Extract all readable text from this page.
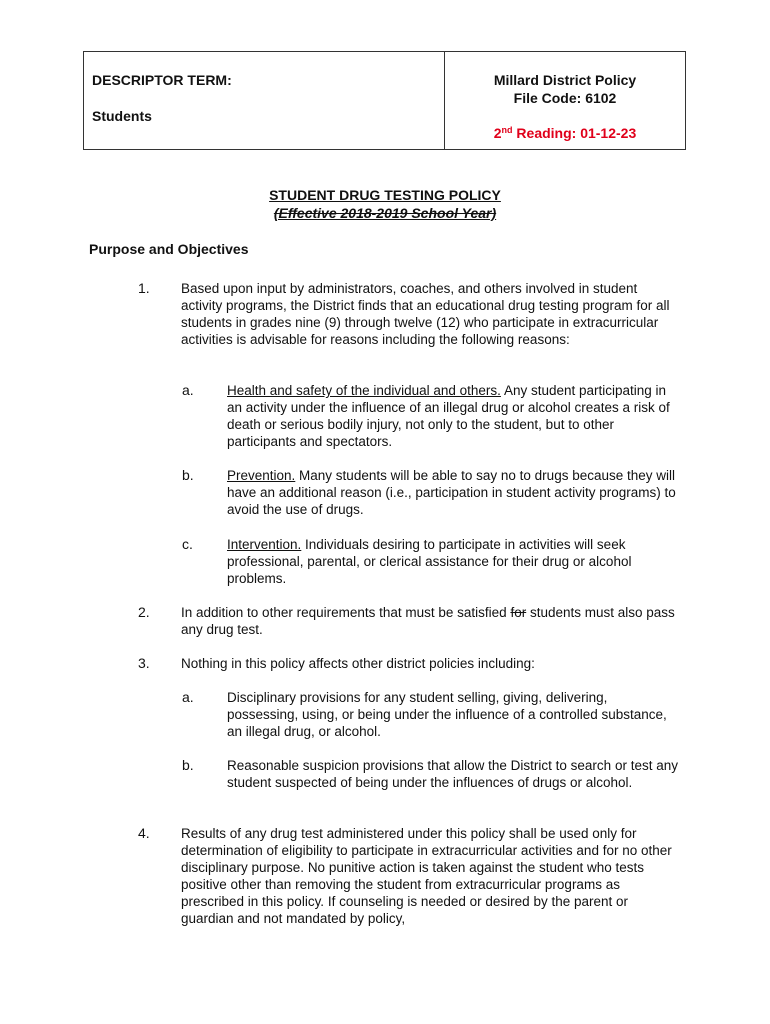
DESCRIPTOR TERM:
Students
Millard District Policy
File Code: 6102
2nd Reading: 01-12-23
STUDENT DRUG TESTING POLICY
(Effective 2018-2019 School Year)
Purpose and Objectives
1. Based upon input by administrators, coaches, and others involved in student activity programs, the District finds that an educational drug testing program for all students in grades nine (9) through twelve (12) who participate in extracurricular activities is advisable for reasons including the following reasons:

a. Health and safety of the individual and others. Any student participating in an activity under the influence of an illegal drug or alcohol creates a risk of death or serious bodily injury, not only to the student, but to other participants and spectators.

b. Prevention. Many students will be able to say no to drugs because they will have an additional reason (i.e., participation in student activity programs) to avoid the use of drugs.

c.	Intervention. Individuals desiring to participate in activities will seek professional, parental, or clerical assistance for their drug or alcohol problems.

2. In addition to other requirements that must be satisfied for students must also pass any drug test.

3. Nothing in this policy affects other district policies including:

a. Disciplinary provisions for any student selling, giving, delivering, possessing, using, or being under the influence of a controlled substance, an illegal drug, or alcohol.

b. Reasonable suspicion provisions that allow the District to search or test any student suspected of being under the influences of drugs or alcohol.

4. Results of any drug test administered under this policy shall be used only for determination of eligibility to participate in extracurricular activities and for no other disciplinary purpose. No punitive action is taken against the student who tests positive other than removing the student from extracurricular programs as prescribed in this policy. If counseling is needed or desired by the parent or guardian and not mandated by policy,
